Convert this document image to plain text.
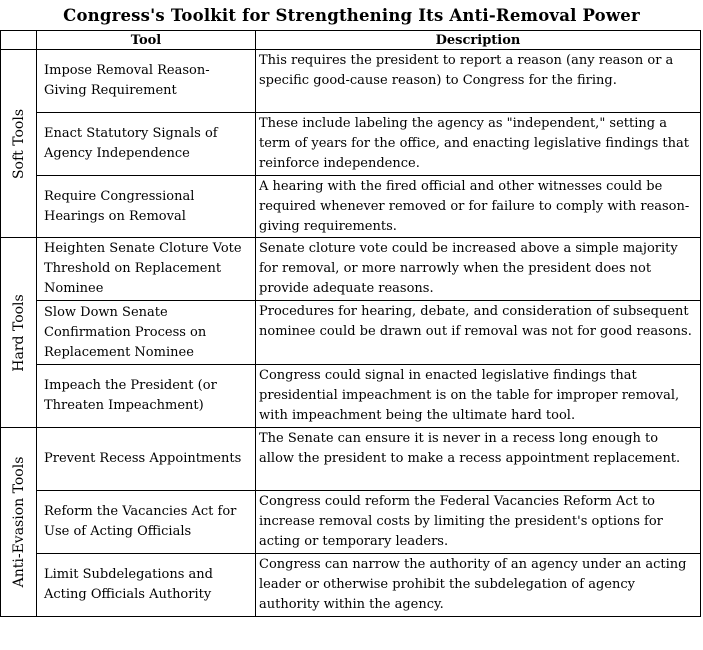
Congress's Toolkit for Strengthening Its Anti-Removal Power
	Tool	Description

Soft Tools	Impose Removal Reason-Giving Requirement	This requires the president to report a reason (any reason or a specific good-cause reason) to Congress for the firing.

	Enact Statutory Signals of Agency Independence	These include labeling the agency as "independent," setting a term of years for the office, and enacting legislative findings that reinforce independence.

	Require Congressional Hearings on Removal	A hearing with the fired official and other witnesses could be required whenever removed or for failure to comply with reason-giving requirements.

Hard Tools	Heighten Senate Cloture Vote Threshold on Replacement Nominee	Senate cloture vote could be increased above a simple majority for removal, or more narrowly when the president does not provide adequate reasons.

	Slow Down Senate Confirmation Process on Replacement Nominee	Procedures for hearing, debate, and consideration of subsequent nominee could be drawn out if removal was not for good reasons.

	Impeach the President (or Threaten Impeachment)	Congress could signal in enacted legislative findings that presidential impeachment is on the table for improper removal, with impeachment being the ultimate hard tool.

Anti-Evasion Tools	Prevent Recess Appointments	The Senate can ensure it is never in a recess long enough to allow the president to make a recess appointment replacement.

	Reform the Vacancies Act for Use of Acting Officials	Congress could reform the Federal Vacancies Reform Act to increase removal costs by limiting the president's options for acting or temporary leaders.

	Limit Subdelegations and Acting Officials Authority	Congress can narrow the authority of an agency under an acting leader or otherwise prohibit the subdelegation of agency authority within the agency.
